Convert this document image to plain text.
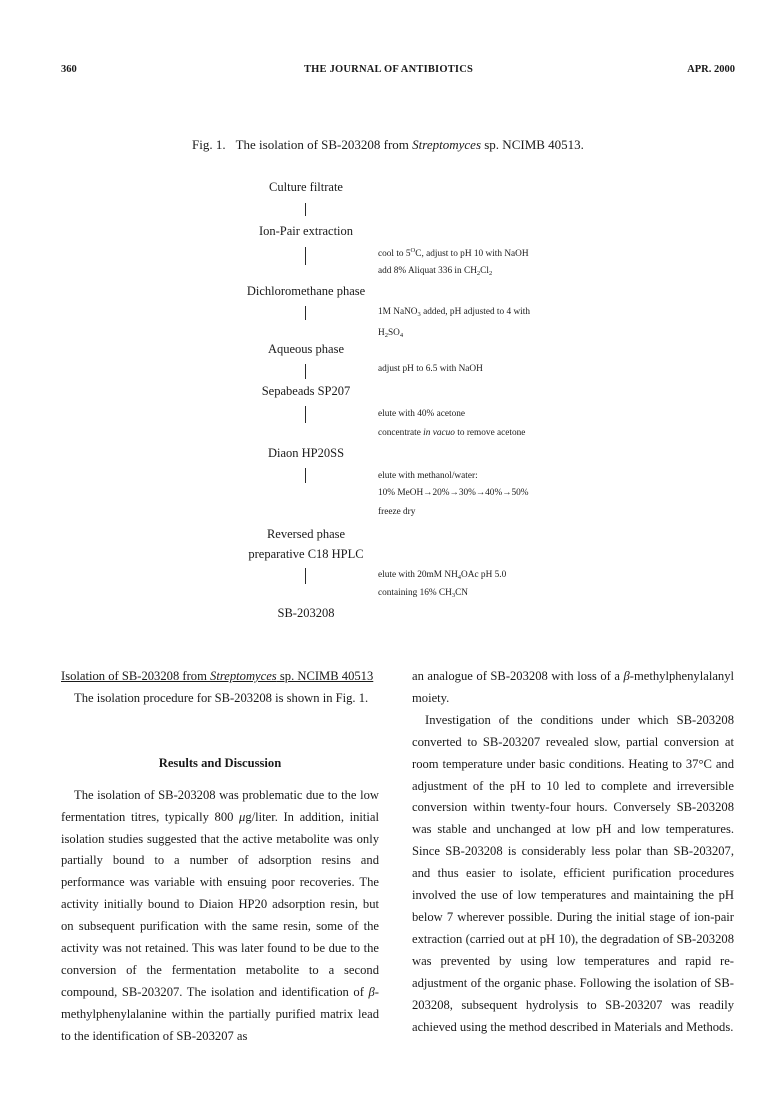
360	THE JOURNAL OF ANTIBIOTICS	APR. 2000
Fig. 1. The isolation of SB-203208 from Streptomyces sp. NCIMB 40513.
Culture filtrate
Ion-Pair extraction
cool to $5^OC$, adjust to pH 10 with NaOH
add 8% Aliquat 336 in $CH_2Cl_2$
Dichloromethane phase
1M NaNO$_3$ added, pH adjusted to 4 with
$H_2SO_4$
Aqueous phase
adjust pH to 6.5 with NaOH
Sepabeads SP207
elute with 40% acetone
concentrate in vacuo to remove acetone
Diaon HP20SS
elute with methanol/water:
10% MeOH→20%→30%→40%→50%
freeze dry
Reversed phase
preparative C18 HPLC
elute with 20mM $NH_4OAc$ pH 5.0
containing 16% $CH_3CN$
SB-203208

Isolation of SB-203208 from Streptomyces sp. NCIMB 40513

The isolation procedure for SB-203208 is shown in Fig. 1.

Results and Discussion

The isolation of SB-203208 was problematic due to the low fermentation titres, typically 800 μg/liter. In addition, initial isolation studies suggested that the active metabolite was only partially bound to a number of adsorption resins and performance was variable with ensuing poor recoveries. The activity initially bound to Diaion HP20 adsorption resin, but on subsequent purification with the same resin, some of the activity was not retained. This was later found to be due to the conversion of the fermentation metabolite to a second compound, SB-203207. The isolation and identification of β-methylphenylalanine within the partially purified matrix lead to the identification of SB-203207 as

an analogue of SB-203208 with loss of a β-methylphenylalanyl moiety.

Investigation of the conditions under which SB-203208 converted to SB-203207 revealed slow, partial conversion at room temperature under basic conditions. Heating to 37°C and adjustment of the pH to 10 led to complete and irreversible conversion within twenty-four hours. Conversely SB-203208 was stable and unchanged at low pH and low temperatures. Since SB-203208 is considerably less polar than SB-203207, and thus easier to isolate, efficient purification procedures involved the use of low temperatures and maintaining the pH below 7 wherever possible. During the initial stage of ion-pair extraction (carried out at pH 10), the degradation of SB-203208 was prevented by using low temperatures and rapid re-adjustment of the organic phase. Following the isolation of SB-203208, subsequent hydrolysis to SB-203207 was readily achieved using the method described in Materials and Methods.
